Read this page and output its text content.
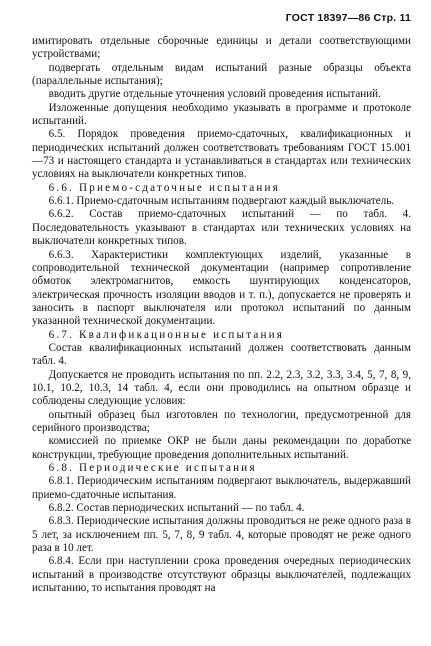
ГОСТ 18397—86 Стр. 11

имитировать отдельные сборочные единицы и детали соответствующими устройствами;

подвергать отдельным видам испытаний разные образцы объекта (параллельные испытания);

вводить другие отдельные уточнения условий проведения испытаний.

Изложенные допущения необходимо указывать в программе и протоколе испытаний.

6.5. Порядок проведения приемо-сдаточных, квалификационных и периодических испытаний должен соответствовать требованиям ГОСТ 15.001—73 и настоящего стандарта и устанавливаться в стандартах или технических условиях на выключатели конкретных типов.

6.6. Приемо-сдаточные испытания

6.6.1. Приемо-сдаточным испытаниям подвергают каждый выключатель.

6.6.2. Состав приемо-сдаточных испытаний — по табл. 4. Последовательность указывают в стандартах или технических условиях на выключатели конкретных типов.

6.6.3. Характеристики комплектующих изделий, указанные в сопроводительной технической документации (например сопротивление обмоток электромагнитов, емкость шунтирующих конденсаторов, электрическая прочность изоляции вводов и т. п.), допускается не проверять и заносить в паспорт выключателя или протокол испытаний по данным указанной технической документации.

6.7. Квалификационные испытания

Состав квалификационных испытаний должен соответствовать данным табл. 4.

Допускается не проводить испытания по пп. 2.2, 2.3, 3.2, 3.3, 3.4, 5, 7, 8, 9, 10.1, 10.2, 10.3, 14 табл. 4, если они проводились на опытном образце и соблюдены следующие условия:

опытный образец был изготовлен по технологии, предусмотренной для серийного производства;

комиссией по приемке ОКР не были даны рекомендации по доработке конструкции, требующие проведения дополнительных испытаний.

6.8. Периодические испытания

6.8.1. Периодическим испытаниям подвергают выключатель, выдержавший приемо-сдаточные испытания.

6.8.2. Состав периодических испытаний — по табл. 4.

6.8.3. Периодические испытания должны проводиться не реже одного раза в 5 лет, за исключением пп. 5, 7, 8, 9 табл. 4, которые проводят не реже одного раза в 10 лет.

6.8.4. Если при наступлении срока проведения очередных периодических испытаний в производстве отсутствуют образцы выключателей, подлежащих испытанию, то испытания проводят на
